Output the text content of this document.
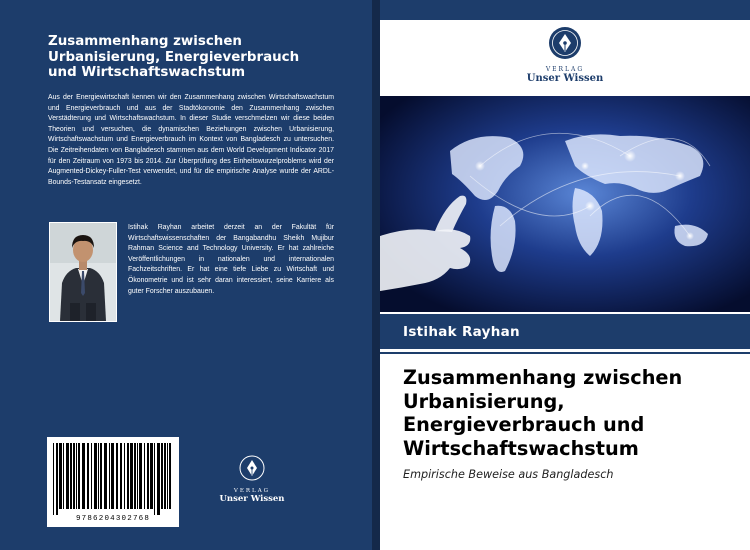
Zusammenhang zwischen
Urbanisierung, Energieverbrauch
und Wirtschaftswachstum
Aus der Energiewirtschaft kennen wir den Zusammenhang zwischen Wirtschaftswachstum und Energieverbrauch und aus der Stadtökonomie den Zusammenhang zwischen Verstädterung und Wirtschaftswachstum. In dieser Studie verschmelzen wir diese beiden Theorien und versuchen, die dynamischen Beziehungen zwischen Urbanisierung, Wirtschaftswachstum und Energieverbrauch im Kontext von Bangladesch zu untersuchen. Die Zeitreihendaten von Bangladesch stammen aus dem World Development Indicator 2017 für den Zeitraum von 1973 bis 2014. Zur Überprüfung des Einheitswurzelproblems wird der Augmented-Dickey-Fuller-Test verwendet, und für die empirische Analyse wurde der ARDL-Bounds-Testansatz eingesetzt.
Istihak Rayhan arbeitet derzeit an der Fakultät für Wirtschaftswissenschaften der Bangabandhu Sheikh Mujibur Rahman Science and Technology University. Er hat zahlreiche Veröffentlichungen in nationalen und internationalen Fachzeitschriften. Er hat eine tiefe Liebe zu Wirtschaft und Ökonometrie und ist sehr daran interessiert, seine Karriere als guter Forscher auszubauen.
9786204302768
VERLAG
Unser Wissen
VERLAG
Unser Wissen
Istihak Rayhan
Zusammenhang zwischen
Urbanisierung,
Energieverbrauch und
Wirtschaftswachstum
Empirische Beweise aus Bangladesch
